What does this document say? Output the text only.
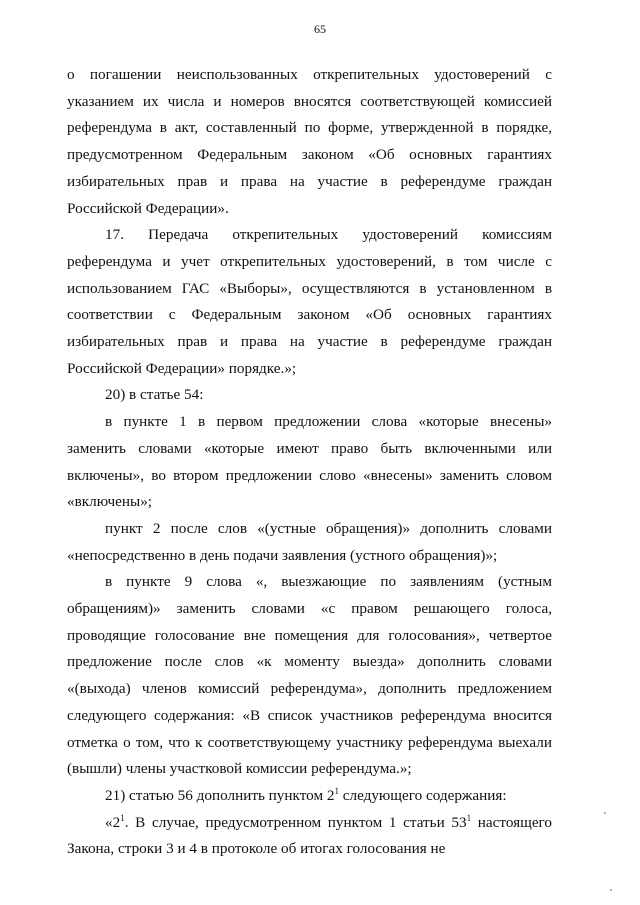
65

о погашении неиспользованных открепительных удостоверений с указанием их числа и номеров вносятся соответствующей комиссией референдума в акт, составленный по форме, утвержденной в порядке, предусмотренном Федеральным законом «Об основных гарантиях избирательных прав и права на участие в референдуме граждан Российской Федерации».

17. Передача открепительных удостоверений комиссиям референдума и учет открепительных удостоверений, в том числе с использованием ГАС «Выборы», осуществляются в установленном в соответствии с Федеральным законом «Об основных гарантиях избирательных прав и права на участие в референдуме граждан Российской Федерации» порядке.»;

20) в статье 54:

в пункте 1 в первом предложении слова «которые внесены» заменить словами «которые имеют право быть включенными или включены», во втором предложении слово «внесены» заменить словом «включены»;

пункт 2 после слов «(устные обращения)» дополнить словами «непосредственно в день подачи заявления (устного обращения)»;

в пункте 9 слова «, выезжающие по заявлениям (устным обращениям)» заменить словами «с правом решающего голоса, проводящие голосование вне помещения для голосования», четвертое предложение после слов «к моменту выезда» дополнить словами «(выхода) членов комиссий референдума», дополнить предложением следующего содержания: «В список участников референдума вносится отметка о том, что к соответствующему участнику референдума выехали (вышли) члены участковой комиссии референдума.»;

21) статью 56 дополнить пунктом $2^1$ следующего содержания:

«$2^1$. В случае, предусмотренном пунктом 1 статьи $53^1$ настоящего Закона, строки 3 и 4 в протоколе об итогах голосования не
